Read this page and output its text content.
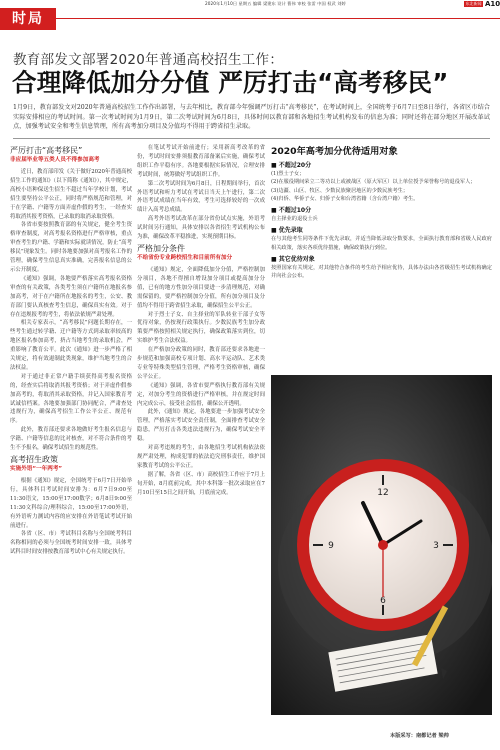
2020年1月10日 星期五 编辑 梁建东 设计 曹伟 审校 张雷 中国 权武 刘婷	东北新闻网
A10
时局
教育部发文部署2020年普通高校招生工作：
合理降低加分分值 严厉打击“高考移民”
1月9日，教育部发文对2020年普通高校招生工作作出部署，与去年相比，教育部今年强调严厉打击“高考移民”，在考试时间上，全国统考于6月7日至8日举行，各省区市结合实际安排相应的考试时间。第一次考试时间为1月9日，第二次考试时间为6月8日，具体时间以教育部和各地招生考试机构发布的信息为准；同时还将在部分地区开展改革试点，加强考试安全和考生信息管理，所有高考加分项目及分值均不得用于跨省招生录取。
严厉打击“高考移民”
非应届毕业等五类人员不得参加高考

近日，教育部印发《关于做好2020年普通高校招生工作的通知》（以下简称《通知》），其中规定，高校小语种保送生招生不超过当年学校计划，考试招生要坚持公平公正，同时将严格规范和管理，对于在学籍、户籍等方面弄虚作假的考生，一经查实将取消其报考资格，已录取的取消录取资格。

各省市要按照教育部的有关规定，健全考生资格审查制度，对高考报名资格进行严格审核，重点审查考生的户籍、学籍和实际就读情况，防止“高考移民”现象发生。同时各地要加强对高考报名工作的管理，确保考生信息真实准确，完善报名信息的公示公开制度。

《通知》强调，各地要严格落实高考报名资格审查的有关政策，各类考生须在户籍所在地报名参加高考，对于在户籍所在地报名的考生，公安、教育部门要认真核查考生信息，确保真实有效。对于存在违规报考的考生，将依法依规严肃处理。

相关专家表示，“高考移民”问题长期存在，一些考生通过转学籍、迁户籍等方式到录取率较高的地区报名参加高考，挤占当地考生的录取机会，严重影响了教育公平。此次《通知》进一步严格了相关规定，将有效遏制此类现象，维护当地考生的合法权益。

对于通过非正常户籍手续获得高考报名资格的，经查实后将取消其报考资格；对于弄虚作假参加高考的，将取消其录取资格，并记入国家教育考试诚信档案。各地要加强部门协同配合，严肃查处违规行为，确保高考招生工作公平公正、规范有序。

此外，教育部还要求各地做好考生报名信息与学籍、户籍等信息的比对核查，对不符合条件的考生不予报名，确保考试招生的规范性。

高考招生政策
实施外语“一年两考”

根据《通知》规定，全国统考于6月7日开始举行，具体科目考试时间安排为：6月7日9:00至11:30语文，15:00至17:00数学；6月8日9:00至11:30文科综合/理科综合，15:00至17:00外语，有外语听力测试内容的应安排在外语笔试考试开始前进行。

各省（区、市）考试科目名称与全国统考科目名称相同的必须与全国统考时间安排一致，具体考试科目时间安排按教育部考试中心有关规定执行。

在笔试考试开始前进行；采用新高考改革的省份，考试时间安排须报教育部备案后实施，确保考试组织工作平稳有序。各地要根据实际情况，合理安排考试时间，统筹做好考试组织工作。

第二次考试时间为6月8日，日程期间举行，首次外语考试和听力考试在考试日当天上午进行，第二次外语考试成绩在当年有效，考生可选择较好的一次成绩计入高考总成绩。

高考外语考试改革在部分省份试点实施，外语考试时间另行通知，具体安排以各省招生考试机构公布为准，确保改革平稳推进，实现预期目标。

严格加分条件
不给省份专业跨校招生和目前所有加分

《通知》规定，全面降低加分分值，严格控制加分项目，各地不得擅自增设加分项目或提高加分分值，已有的地方性加分项目要进一步清理规范，对确需保留的，要严格控制加分分值，所有加分项目及分值均不得用于跨省招生录取，确保招生公平公正。

对于烈士子女、自主择业的军队转业干部子女等优待对象，仍按现行政策执行。少数民族考生加分政策要严格按照相关规定执行，确保政策落实到位，切实维护考生合法权益。

在严格加分政策的同时，教育部还要求各地进一步规范和加强高校专项计划、高水平运动队、艺术类专业等特殊类型招生管理，严格考生资格审核，确保公平公正。

《通知》强调，各省市要严格执行教育部有关规定，对加分考生的资格进行严格审核，并在规定时间内完成公示，接受社会监督，确保公开透明。

此外，《通知》规定，各地要进一步加强考试安全管理，严格落实考试安全责任制，全面排查考试安全隐患，严厉打击各类违法违规行为，确保考试安全平稳。

对高考违规的考生，由各地招生考试机构依法依规严肃处理，构成犯罪的依法追究刑事责任，维护国家教育考试的公平公正。

据了解，各省（区、市）高校招生工作应于7月上旬开始，8月底前完成，其中本科第一批次录取应在7月10日至15日之间开始，月底前完成。

2020年高考加分优待适用对象
■ 不超过20分
(1)烈士子女；
(2)在服役期间荣立二等功以上或被战区（原大军区）以上单位授予荣誉称号的退役军人；
(3)边疆、山区、牧区、少数民族聚居地区的少数民族考生；
(4)归侨、华侨子女、归侨子女和台湾省籍（含台湾户籍）考生。
■ 不超过10分
自主择业的退役士兵
■ 优先录取
在与其他考生同等条件下优先录取，并适当降低录取分数要求，全面执行教育部和省级人民政府相关政策，落实各项优待措施，确保政策执行到位。
■ 其它优待对象
按照国家有关规定，对其他符合条件的考生给予相应优待，具体办法由各省级招生考试机构确定并向社会公布。
12
6
9	3
本版采写：南都记者 梁帅
